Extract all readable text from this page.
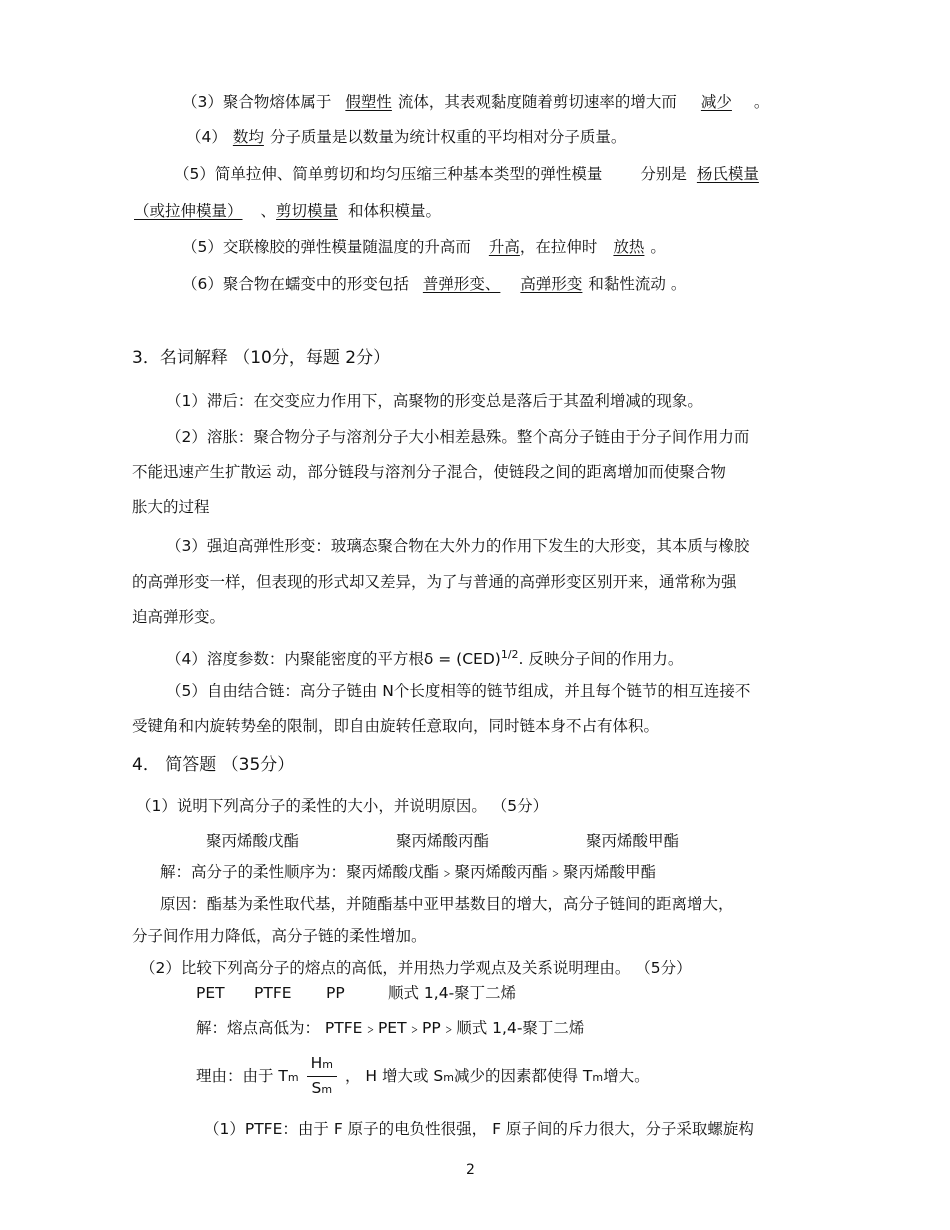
（3）聚合物熔体属于 假塑性 流体，其表观黏度随着剪切速率的增大而 减少 。
（4） 数均 分子质量是以数量为统计权重的平均相对分子质量。
（5）简单拉伸、简单剪切和均匀压缩三种基本类型的弹性模量 分别是 杨氏模量
（或拉伸模量） 、剪切模量 和体积模量。
（5）交联橡胶的弹性模量随温度的升高而 升高，在拉伸时 放热 。
（6）聚合物在蠕变中的形变包括 普弹形变、 高弹形变 和黏性流动 。
3．名词解释 （10分，每题 2分）
（1）滞后：在交变应力作用下，高聚物的形变总是落后于其盈利增减的现象。
（2）溶胀：聚合物分子与溶剂分子大小相差悬殊。整个高分子链由于分子间作用力而
不能迅速产生扩散运 动，部分链段与溶剂分子混合，使链段之间的距离增加而使聚合物
胀大的过程
（3）强迫高弹性形变：玻璃态聚合物在大外力的作用下发生的大形变，其本质与橡胶
的高弹形变一样，但表现的形式却又差异，为了与普通的高弹形变区别开来，通常称为强
迫高弹形变。
（4）溶度参数：内聚能密度的平方根δ = (CED)$^{1/2}$. 反映分子间的作用力。
（5）自由结合链：高分子链由 N个长度相等的链节组成，并且每个链节的相互连接不
受键角和内旋转势垒的限制，即自由旋转任意取向，同时链本身不占有体积。
4． 简答题 （35分）
（1）说明下列高分子的柔性的大小，并说明原因。 （5分）
聚丙烯酸戊酯	聚丙烯酸丙酯	聚丙烯酸甲酯
解：高分子的柔性顺序为：聚丙烯酸戊酯﹥聚丙烯酸丙酯﹥聚丙烯酸甲酯
原因：酯基为柔性取代基，并随酯基中亚甲基数目的增大，高分子链间的距离增大，
分子间作用力降低，高分子链的柔性增加。
（2）比较下列高分子的熔点的高低，并用热力学观点及关系说明理由。 （5分）
PET PTFE PP	顺式 1,4-聚丁二烯
解：熔点高低为： PTFE﹥PET﹥PP﹥顺式 1,4-聚丁二烯
理由：由于 Tm $\frac{Hm}{Sm}$ ， H 增大或 Sm减少的因素都使得 Tm增大。
（1）PTFE：由于 F 原子的电负性很强， F 原子间的斥力很大，分子采取螺旋构
2
